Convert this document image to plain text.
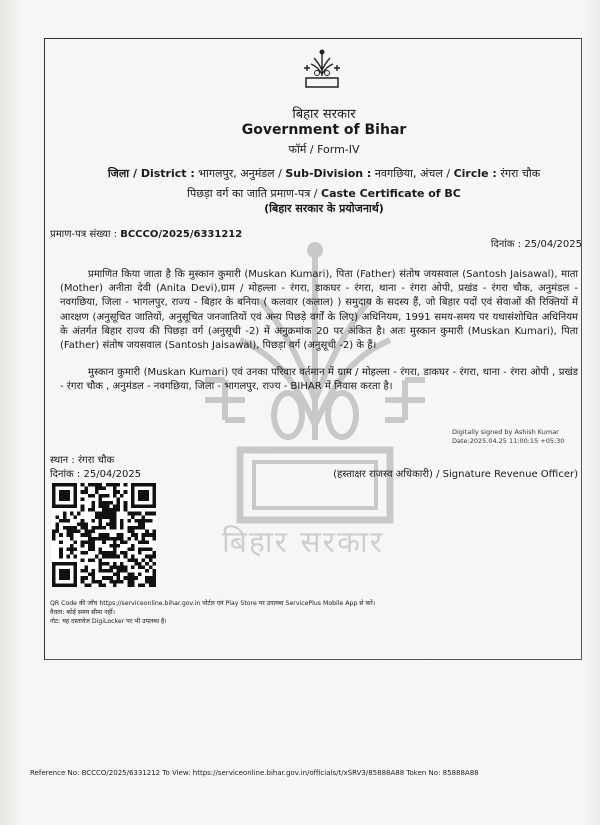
बिहार सरकार
बिहार सरकार
Government of Bihar
फॉर्म / Form-IV
जिला / District : भागलपुर, अनुमंडल / Sub-Division : नवगछिया, अंचल / Circle : रंगरा चौक
पिछड़ा वर्ग का जाति प्रमाण-पत्र / Caste Certificate of BC
(बिहार सरकार के प्रयोजनार्थ)
प्रमाण-पत्र संख्या : BCCCO/2025/6331212
दिनांक : 25/04/2025
प्रमाणित किया जाता है कि मुस्कान कुमारी (Muskan Kumari), पिता (Father) संतोष जयसवाल (Santosh Jaisawal), माता (Mother) अनीता देवी (Anita Devi),ग्राम / मोहल्ला - रंगरा, डाकघर - रंगरा, थाना - रंगरा ओपी, प्रखंड - रंगरा चौक, अनुमंडल - नवगछिया, जिला - भागलपुर, राज्य - बिहार के बनिया ( कलवार (कलाल) ) समुदाय के सदस्य हैं, जो बिहार पदों एवं सेवाओं की रिक्तियों में आरक्षण (अनुसूचित जातियों, अनुसूचित जनजातियों एवं अन्य पिछड़े वर्गों के लिए) अधिनियम, 1991 समय-समय पर यथासंशोधित अधिनियम के अंतर्गत बिहार राज्य की पिछड़ा वर्ग (अनुसूची -2) में अनुक्रमांक 20 पर अंकित है। अतः मुस्कान कुमारी (Muskan Kumari), पिता (Father) संतोष जयसवाल (Santosh Jaisawal), पिछड़ा वर्ग (अनुसूची -2) के हैं।
मुस्कान कुमारी (Muskan Kumari) एवं उनका परिवार वर्तमान में ग्राम / मोहल्ला - रंगरा, डाकघर - रंगरा, थाना - रंगरा ओपी , प्रखंड - रंगरा चौक , अनुमंडल - नवगछिया, जिला - भागलपुर, राज्य - BIHAR में निवास करता है।
Digitally signed by Ashish Kumar
Date:2025.04.25 11:00:15 +05:30
स्थान : रंगरा चौक
दिनांक : 25/04/2025	(हस्ताक्षर राजस्व अधिकारी) / Signature Revenue Officer)
QR Code की जाँच https://serviceonline.bihar.gov.in पोर्टल एवं Play Store पर उपलब्ध ServicePlus Mobile App से करें।
वैधता: कोई समय सीमा नहीं।
नोट: यह दस्तावेज DigiLocker पर भी उपलब्ध है।
Reference No: BCCCO/2025/6331212 To View: https://serviceonline.bihar.gov.in/officials/t/xSRV3/85888A88 Token No: 85888A88
